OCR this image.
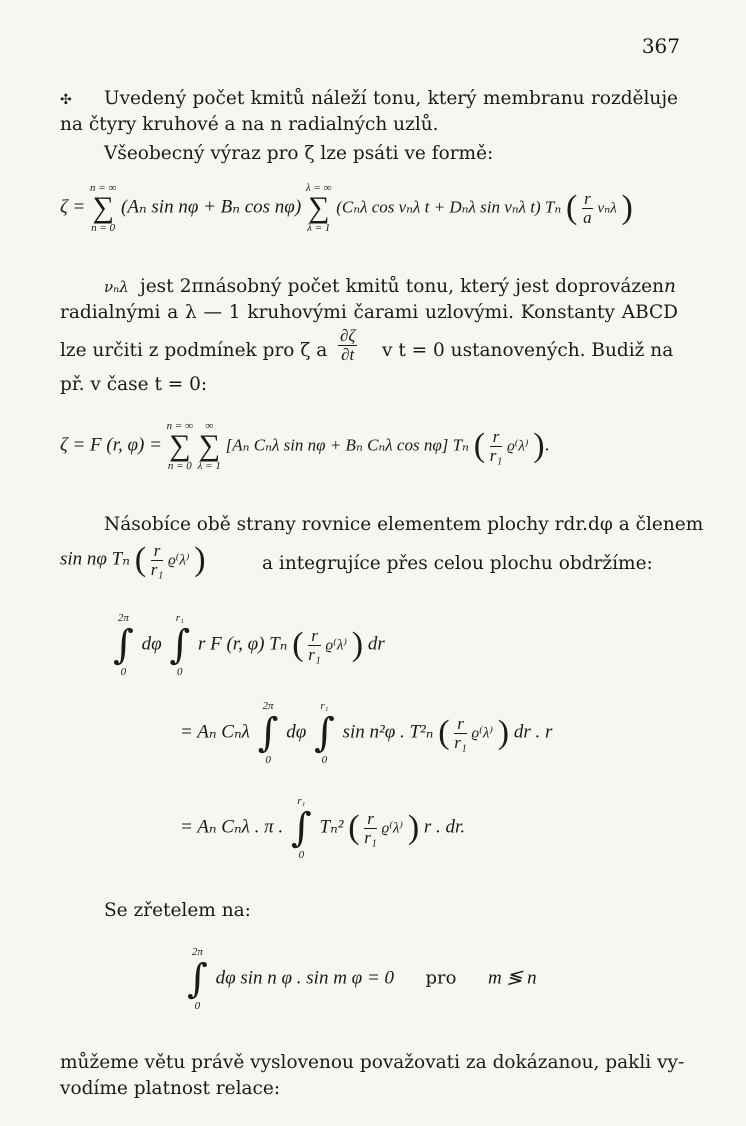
367
✣ Uvedený počet kmitů náleží tonu, který membranu rozděluje
na čtyry kruhové a na n radialných uzlů.
Všeobecný výraz pro ζ lze psáti ve formě:
ζ =
n = ∞
∑
n = 0
(Aₙ sin nφ + Bₙ cos nφ)
λ = ∞
∑
λ = 1
(Cₙλ cos νₙλ t + Dₙλ sin νₙλ t) Tₙ ( $\frac{r}{a}$ νₙλ )
νₙλ jest 2πnásobný počet kmitů tonu, který jest doprovázen n
radialnými a λ — 1 kruhovými čarami uzlovými. Konstanty ABCD
lze určiti z podmínek pro ζ a $\frac{\partial\zeta}{\partial t}$ v t = 0 ustanovených. Budiž na
př. v čase t = 0:
ζ = F (r, φ) =
n = ∞
∑
n = 0

∞
∑
λ = 1
[Aₙ Cₙλ sin nφ + Bₙ Cₙλ cos nφ] Tₙ ( $\frac{r}{\text{r₁}} ϱ^(\lambda^)$ ).
Násobíce obě strany rovnice elementem plochy rdr.dφ a členem
sin nφ Tₙ ( $\frac{r}{\text{r₁}} ϱ^(\lambda^)$ )	a integrujíce přes celou plochu obdržíme:
2π
∫
0
dφ
r₁
∫
0
r F (r, φ) Tₙ ( $\frac{r}{\text{r₁}} ϱ^(\lambda^)$ ) dr
= Aₙ Cₙλ
2π
∫
0
dφ
r₁
∫
0
sin n²φ . T²ₙ ( $\frac{r}{\text{r₁}} ϱ^(\lambda^)$ ) dr . r
= Aₙ Cₙλ . π .
r₁
∫
0
Tₙ² ( $\frac{r}{\text{r₁}} ϱ^(\lambda^)$ ) r . dr.
Se zřetelem na:
2π
∫
0
dφ sin n φ . sin m φ = 0 pro m ≶ n
můžeme větu právě vyslovenou považovati za dokázanou, pakli vy-
vodíme platnost relace:
